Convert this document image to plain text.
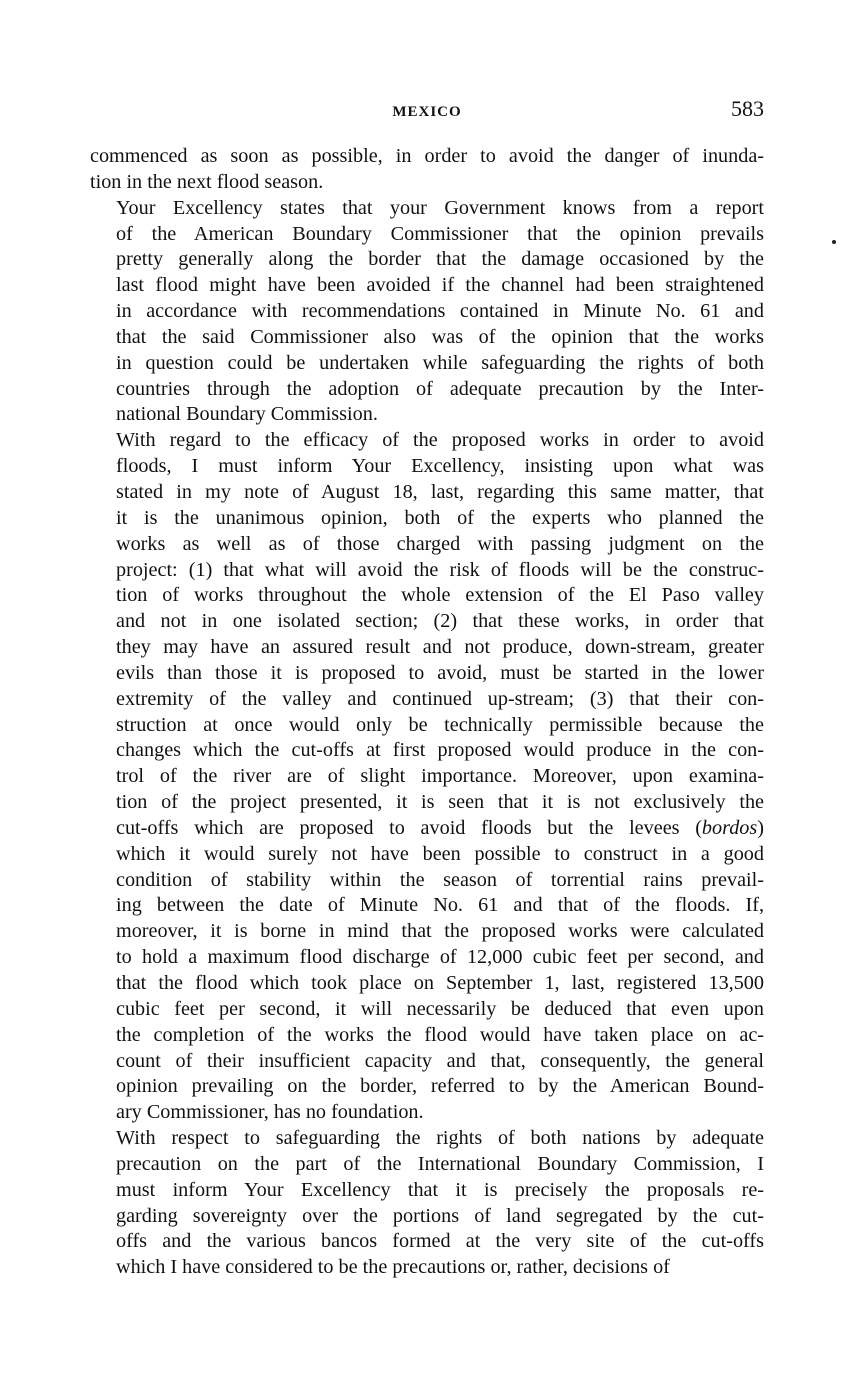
MEXICO	583

commenced as soon as possible, in order to avoid the danger of inunda-
tion in the next flood season.

Your Excellency states that your Government knows from a report
of the American Boundary Commissioner that the opinion prevails
pretty generally along the border that the damage occasioned by the
last flood might have been avoided if the channel had been straightened
in accordance with recommendations contained in Minute No. 61 and
that the said Commissioner also was of the opinion that the works
in question could be undertaken while safeguarding the rights of both
countries through the adoption of adequate precaution by the Inter-
national Boundary Commission.

With regard to the efficacy of the proposed works in order to avoid
floods, I must inform Your Excellency, insisting upon what was
stated in my note of August 18, last, regarding this same matter, that
it is the unanimous opinion, both of the experts who planned the
works as well as of those charged with passing judgment on the
project: (1) that what will avoid the risk of floods will be the construc-
tion of works throughout the whole extension of the El Paso valley
and not in one isolated section; (2) that these works, in order that
they may have an assured result and not produce, down-stream, greater
evils than those it is proposed to avoid, must be started in the lower
extremity of the valley and continued up-stream; (3) that their con-
struction at once would only be technically permissible because the
changes which the cut-offs at first proposed would produce in the con-
trol of the river are of slight importance. Moreover, upon examina-
tion of the project presented, it is seen that it is not exclusively the
cut-offs which are proposed to avoid floods but the levees (bordos)
which it would surely not have been possible to construct in a good
condition of stability within the season of torrential rains prevail-
ing between the date of Minute No. 61 and that of the floods. If,
moreover, it is borne in mind that the proposed works were calculated
to hold a maximum flood discharge of 12,000 cubic feet per second, and
that the flood which took place on September 1, last, registered 13,500
cubic feet per second, it will necessarily be deduced that even upon
the completion of the works the flood would have taken place on ac-
count of their insufficient capacity and that, consequently, the general
opinion prevailing on the border, referred to by the American Bound-
ary Commissioner, has no foundation.

With respect to safeguarding the rights of both nations by adequate
precaution on the part of the International Boundary Commission, I
must inform Your Excellency that it is precisely the proposals re-
garding sovereignty over the portions of land segregated by the cut-
offs and the various bancos formed at the very site of the cut-offs
which I have considered to be the precautions or, rather, decisions of
